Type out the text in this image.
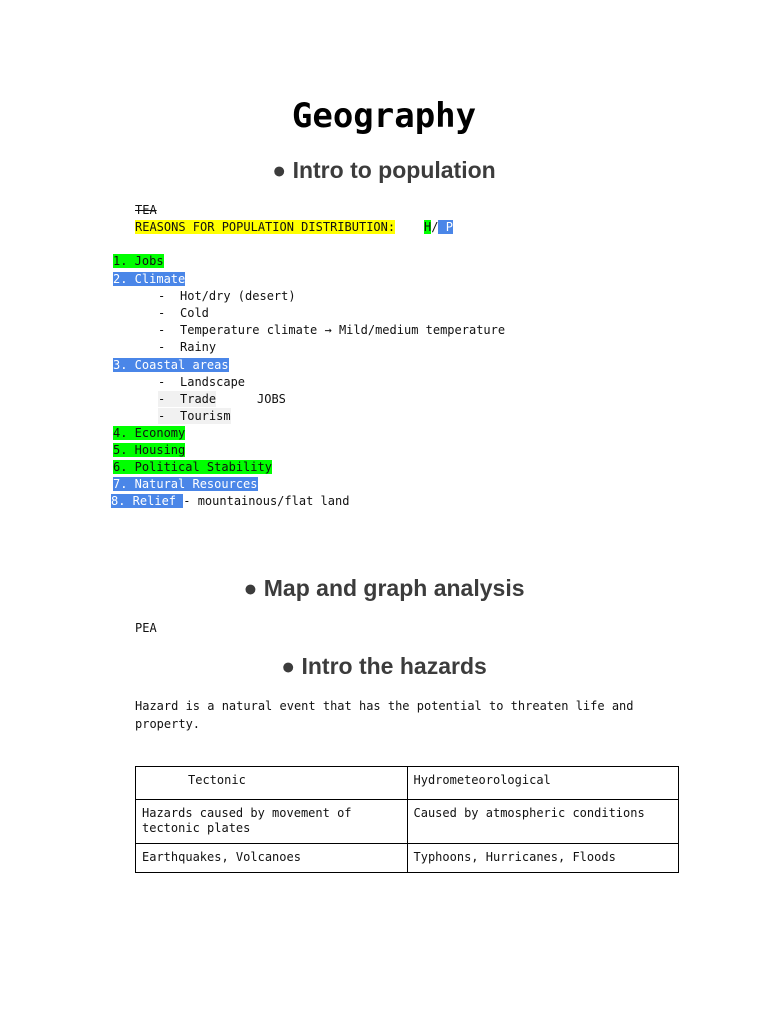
Geography
● Intro to population
TEA
REASONS FOR POPULATION DISTRIBUTION: H/ P
1. Jobs
2. Climate
- Hot/dry (desert)
- Cold
- Temperature climate → Mild/medium temperature
- Rainy
3. Coastal areas
- Landscape
- Trade	JOBS
- Tourism
4. Economy
5. Housing
6. Political Stability
7. Natural Resources
8. Relief - mountainous/flat land
● Map and graph analysis
PEA
● Intro the hazards
Hazard is a natural event that has the potential to threaten life and
property.
Tectonic	Hydrometeorological
Hazards caused by movement of tectonic plates	Caused by atmospheric conditions
Earthquakes, Volcanoes	Typhoons, Hurricanes, Floods
